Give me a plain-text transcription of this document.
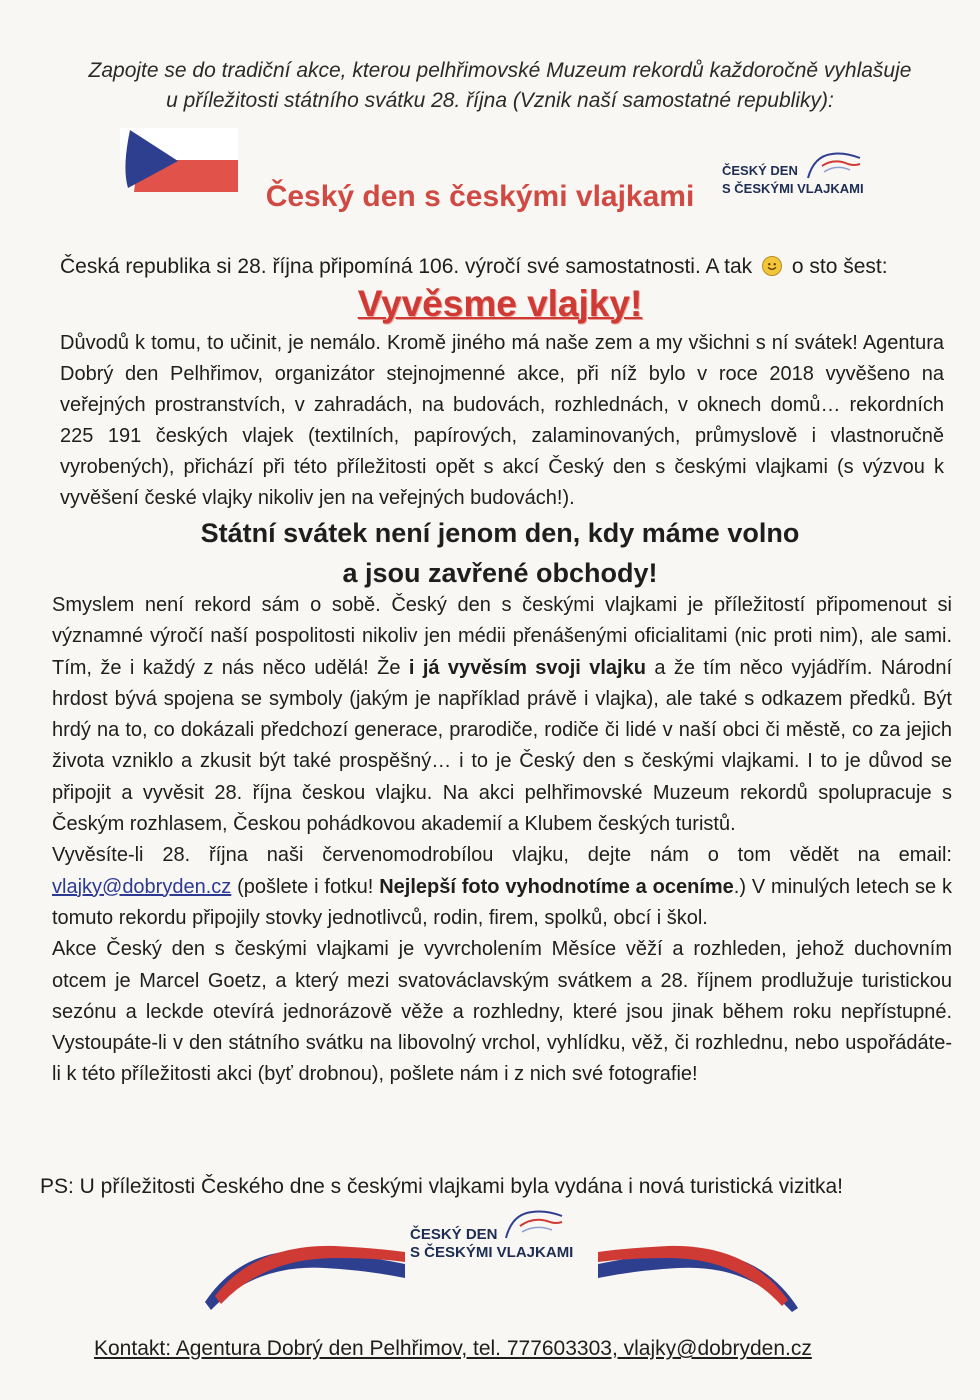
Zapojte se do tradiční akce, kterou pelhřimovské Muzeum rekordů každoročně vyhlašuje
u příležitosti státního svátku 28. října (Vznik naší samostatné republiky):
Český den s českými vlajkami
ČESKÝ DEN
S ČESKÝMI VLAJKAMI
Česká republika si 28. října připomíná 106. výročí své samostatnosti. A tak o sto šest:
Vyvěsme vlajky!
Důvodů k tomu, to učinit, je nemálo. Kromě jiného má naše zem a my všichni s ní svátek! Agentura Dobrý den Pelhřimov, organizátor stejnojmenné akce, při níž bylo v roce 2018 vyvěšeno na veřejných prostranstvích, v zahradách, na budovách, rozhlednách, v oknech domů… rekordních 225 191 českých vlajek (textilních, papírových, zalaminovaných, průmyslově i vlastnoručně vyrobených), přichází při této příležitosti opět s akcí Český den s českými vlajkami (s výzvou k vyvěšení české vlajky nikoliv jen na veřejných budovách!).
Státní svátek není jenom den, kdy máme volno
a jsou zavřené obchody!

Smyslem není rekord sám o sobě. Český den s českými vlajkami je příležitostí připomenout si významné výročí naší pospolitosti nikoliv jen médii přenášenými oficialitami (nic proti nim), ale sami. Tím, že i každý z nás něco udělá! Že i já vyvěsím svoji vlajku a že tím něco vyjádřím. Národní hrdost bývá spojena se symboly (jakým je například právě i vlajka), ale také s odkazem předků. Být hrdý na to, co dokázali předchozí generace, prarodiče, rodiče či lidé v naší obci či městě, co za jejich života vzniklo a zkusit být také prospěšný… i to je Český den s českými vlajkami. I to je důvod se připojit a vyvěsit 28. října českou vlajku. Na akci pelhřimovské Muzeum rekordů spolupracuje s Českým rozhlasem, Českou pohádkovou akademií a Klubem českých turistů.

Vyvěsíte-li 28. října naši červenomodrobílou vlajku, dejte nám o tom vědět na email: vlajky@dobryden.cz (pošlete i fotku! Nejlepší foto vyhodnotíme a oceníme.) V minulých letech se k tomuto rekordu připojily stovky jednotlivců, rodin, firem, spolků, obcí i škol.

Akce Český den s českými vlajkami je vyvrcholením Měsíce věží a rozhleden, jehož duchovním otcem je Marcel Goetz, a který mezi svatováclavským svátkem a 28. říjnem prodlužuje turistickou sezónu a leckde otevírá jednorázově věže a rozhledny, které jsou jinak během roku nepřístupné. Vystoupáte-li v den státního svátku na libovolný vrchol, vyhlídku, věž, či rozhlednu, nebo uspořádáte-li k této příležitosti akci (byť drobnou), pošlete nám i z nich své fotografie!

PS: U příležitosti Českého dne s českými vlajkami byla vydána i nová turistická vizitka!
ČESKÝ DEN
S ČESKÝMI VLAJKAMI
Kontakt: Agentura Dobrý den Pelhřimov, tel. 777603303, vlajky@dobryden.cz
